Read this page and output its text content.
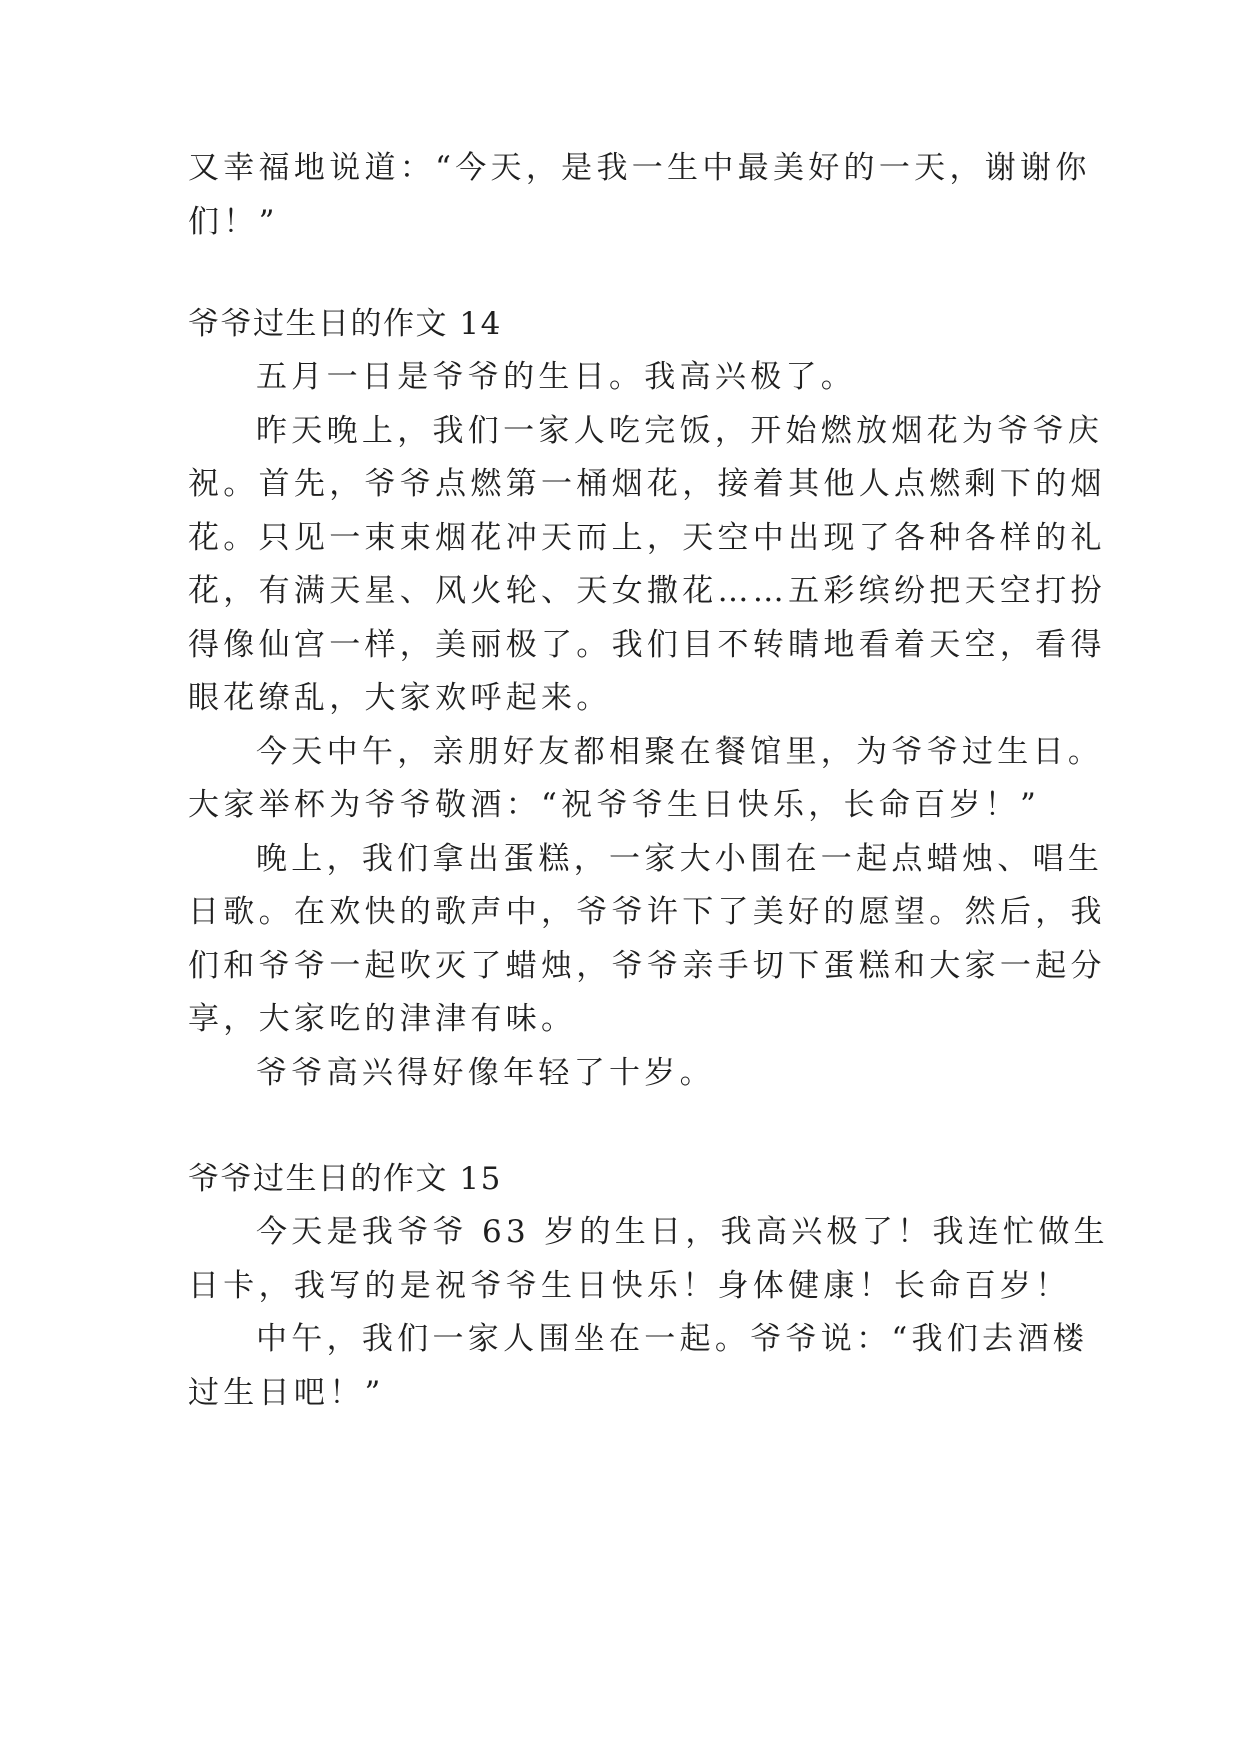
又幸福地说道：“今天，是我一生中最美好的一天，谢谢你
们！”
爷爷过生日的作文 14
五月一日是爷爷的生日。我高兴极了。
昨天晚上，我们一家人吃完饭，开始燃放烟花为爷爷庆
祝。首先，爷爷点燃第一桶烟花，接着其他人点燃剩下的烟
花。只见一束束烟花冲天而上，天空中出现了各种各样的礼
花，有满天星、风火轮、天女撒花……五彩缤纷把天空打扮
得像仙宫一样，美丽极了。我们目不转睛地看着天空，看得
眼花缭乱，大家欢呼起来。
今天中午，亲朋好友都相聚在餐馆里，为爷爷过生日。
大家举杯为爷爷敬酒：“祝爷爷生日快乐，长命百岁！”
晚上，我们拿出蛋糕，一家大小围在一起点蜡烛、唱生
日歌。在欢快的歌声中，爷爷许下了美好的愿望。然后，我
们和爷爷一起吹灭了蜡烛，爷爷亲手切下蛋糕和大家一起分
享，大家吃的津津有味。
爷爷高兴得好像年轻了十岁。
爷爷过生日的作文 15
今天是我爷爷 63 岁的生日，我高兴极了！我连忙做生
日卡，我写的是祝爷爷生日快乐！身体健康！长命百岁！
中午，我们一家人围坐在一起。爷爷说：“我们去酒楼
过生日吧！”
